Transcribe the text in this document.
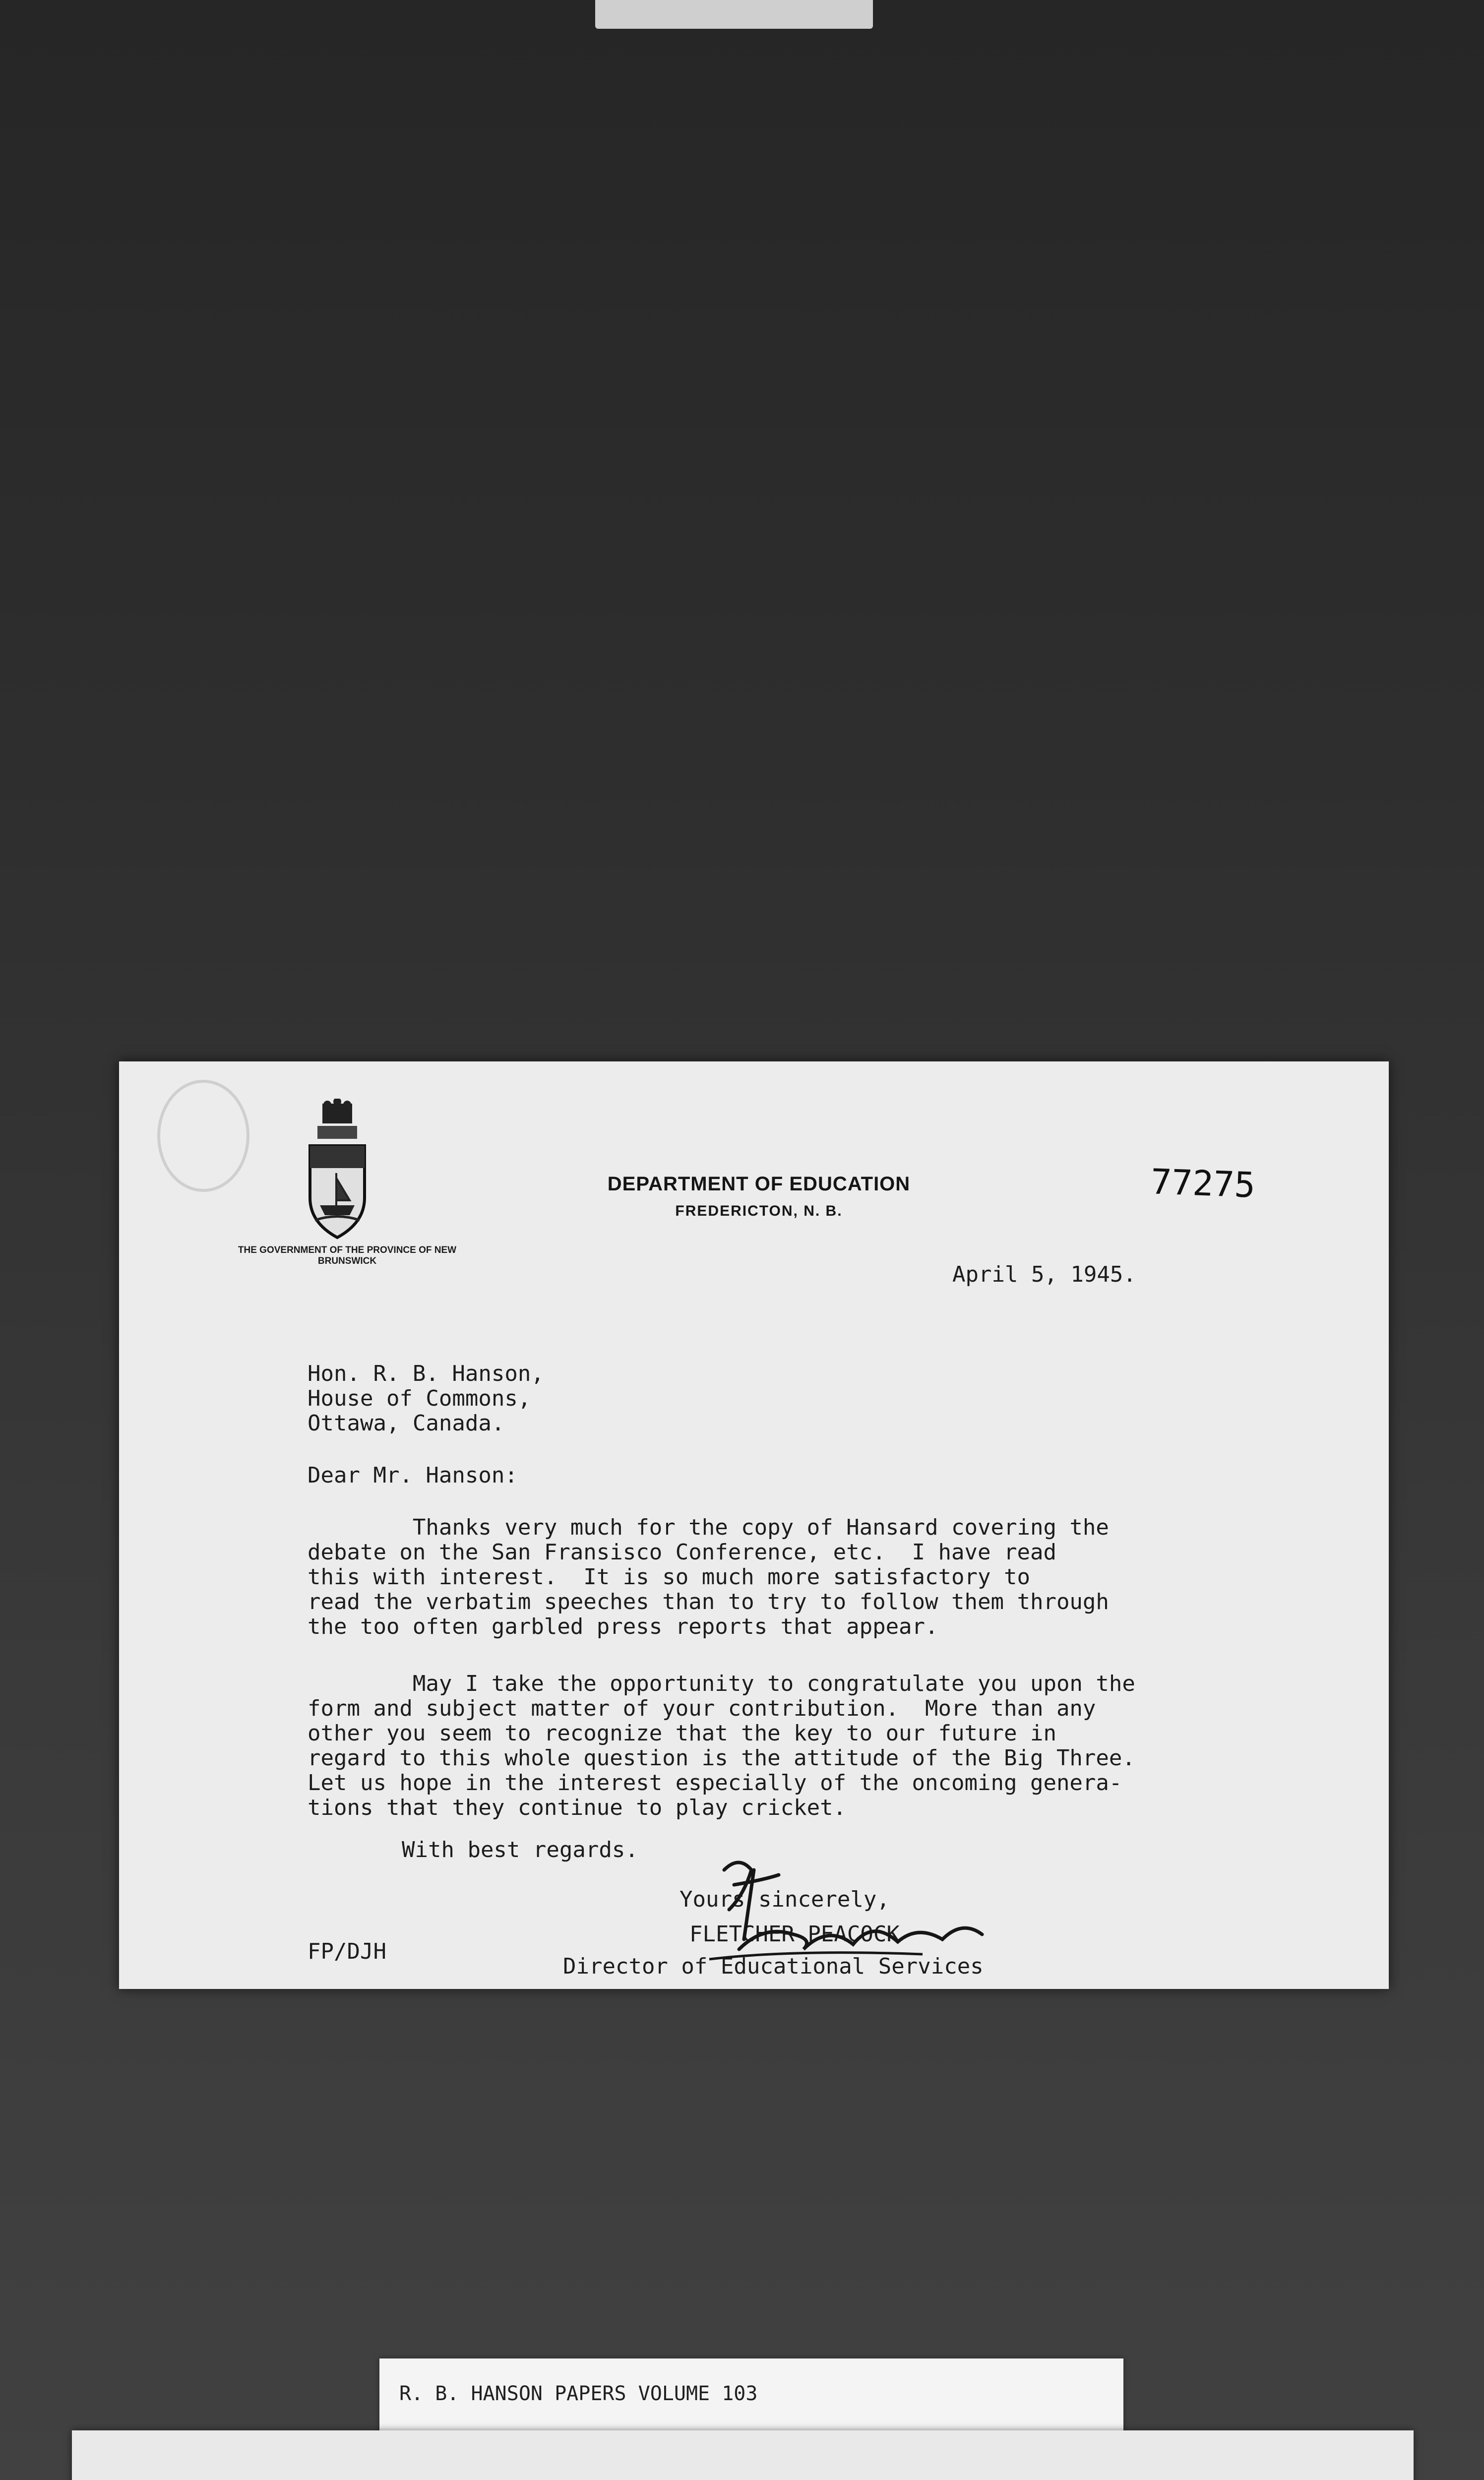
THE GOVERNMENT OF THE PROVINCE OF NEW BRUNSWICK
DEPARTMENT OF EDUCATION
FREDERICTON, N. B.
77275
April 5, 1945.
Hon. R. B. Hanson,
House of Commons,
Ottawa, Canada.
Dear Mr. Hanson:
Thanks very much for the copy of Hansard covering the
debate on the San Fransisco Conference, etc.  I have read
this with interest.  It is so much more satisfactory to
read the verbatim speeches than to try to follow them through
the too often garbled press reports that appear.
May I take the opportunity to congratulate you upon the
form and subject matter of your contribution.  More than any
other you seem to recognize that the key to our future in
regard to this whole question is the attitude of the Big Three.
Let us hope in the interest especially of the oncoming genera-
tions that they continue to play cricket.
With best regards.
Yours sincerely,
FLETCHER PEACOCK
Director of Educational Services
FP/DJH
R. B. HANSON PAPERS VOLUME 103
